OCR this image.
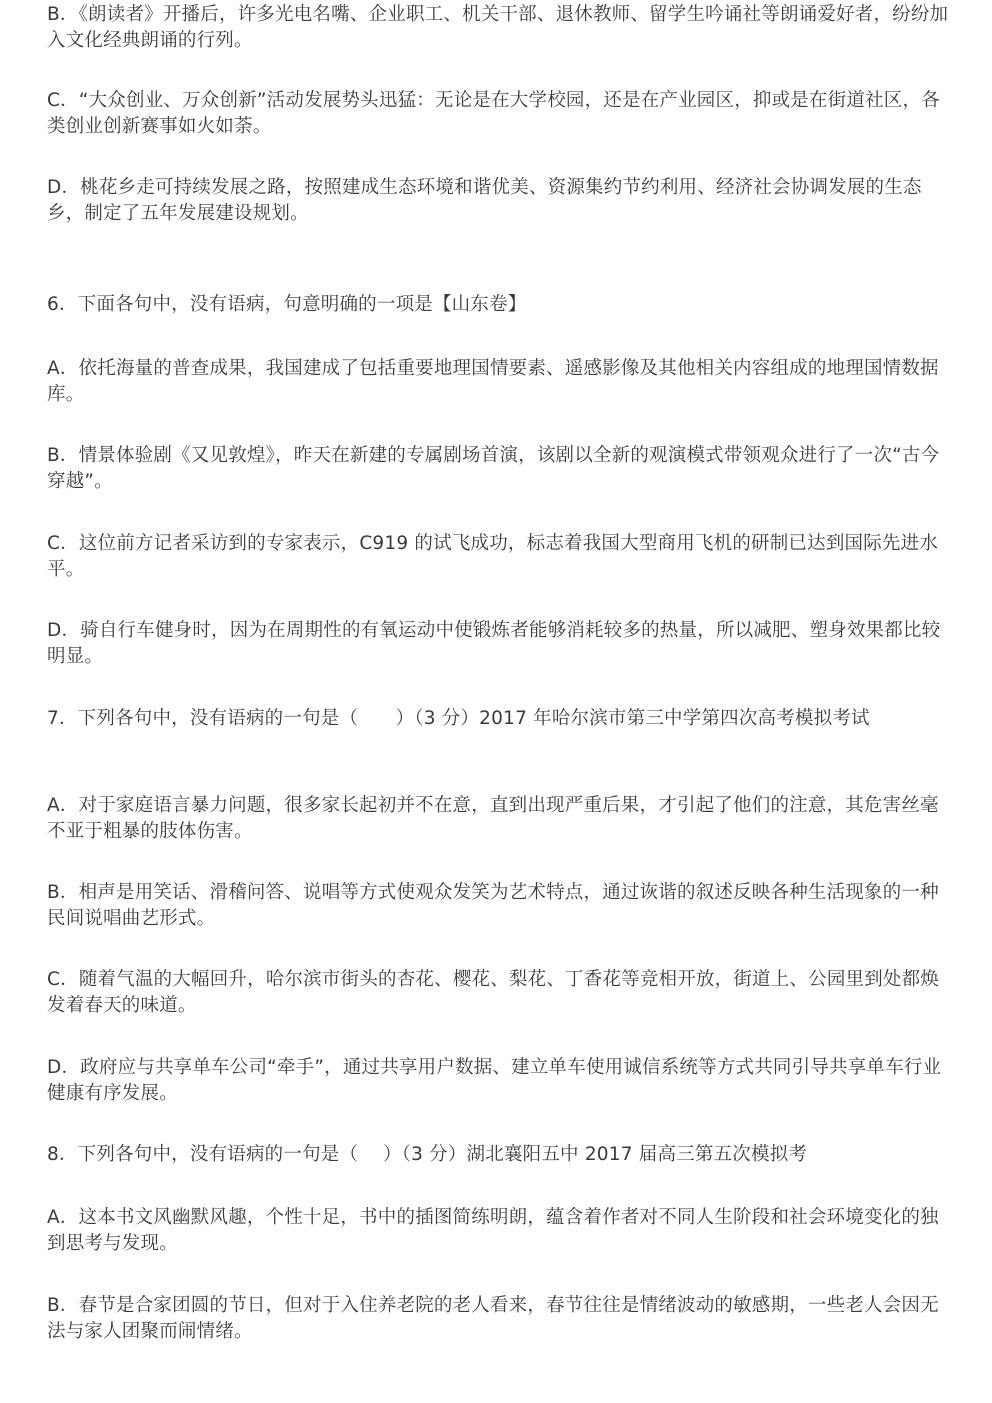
B．《朗读者》开播后，许多光电名嘴、企业职工、机关干部、退休教师、留学生吟诵社等朗诵爱好者，纷纷加入文化经典朗诵的行列。

C．“大众创业、万众创新”活动发展势头迅猛：无论是在大学校园，还是在产业园区，抑或是在街道社区，各类创业创新赛事如火如荼。

D．桃花乡走可持续发展之路，按照建成生态环境和谐优美、资源集约节约利用、经济社会协调发展的生态乡，制定了五年发展建设规划。

6．下面各句中，没有语病，句意明确的一项是【山东卷】

A．依托海量的普查成果，我国建成了包括重要地理国情要素、遥感影像及其他相关内容组成的地理国情数据库。

B．情景体验剧《又见敦煌》，昨天在新建的专属剧场首演，该剧以全新的观演模式带领观众进行了一次“古今穿越”。

C．这位前方记者采访到的专家表示，C919 的试飞成功，标志着我国大型商用飞机的研制已达到国际先进水平。

D．骑自行车健身时，因为在周期性的有氧运动中使锻炼者能够消耗较多的热量，所以减肥、塑身效果都比较明显。

7．下列各句中，没有语病的一句是（　　）（3 分）2017 年哈尔滨市第三中学第四次高考模拟考试

A．对于家庭语言暴力问题，很多家长起初并不在意，直到出现严重后果，才引起了他们的注意，其危害丝毫不亚于粗暴的肢体伤害。

B．相声是用笑话、滑稽问答、说唱等方式使观众发笑为艺术特点，通过诙谐的叙述反映各种生活现象的一种民间说唱曲艺形式。

C．随着气温的大幅回升，哈尔滨市街头的杏花、樱花、梨花、丁香花等竞相开放，街道上、公园里到处都焕发着春天的味道。

D．政府应与共享单车公司“牵手”，通过共享用户数据、建立单车使用诚信系统等方式共同引导共享单车行业健康有序发展。

8．下列各句中，没有语病的一句是（　 ）（3 分）湖北襄阳五中 2017 届高三第五次模拟考

A．这本书文风幽默风趣，个性十足，书中的插图简练明朗，蕴含着作者对不同人生阶段和社会环境变化的独到思考与发现。

B．春节是合家团圆的节日，但对于入住养老院的老人看来，春节往往是情绪波动的敏感期，一些老人会因无法与家人团聚而闹情绪。
